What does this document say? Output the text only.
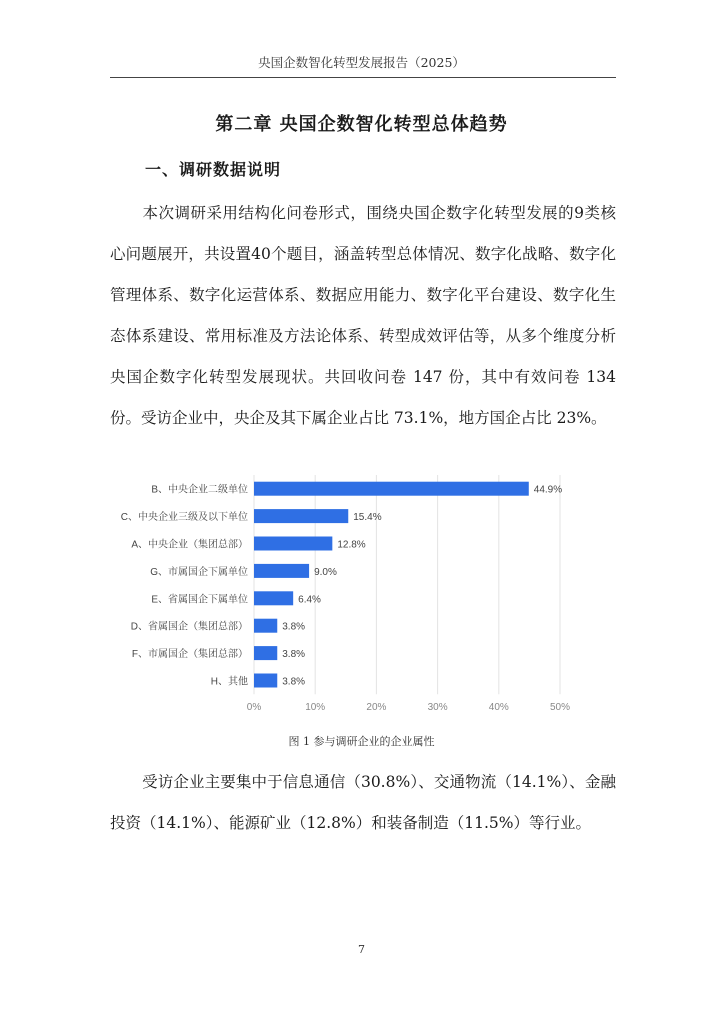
央国企数智化转型发展报告（2025）
第二章 央国企数智化转型总体趋势
一、调研数据说明

本次调研采用结构化问卷形式，围绕央国企数字化转型发展的9类核心问题展开，共设置40个题目，涵盖转型总体情况、数字化战略、数字化管理体系、数字化运营体系、数据应用能力、数字化平台建设、数字化生态体系建设、常用标准及方法论体系、转型成效评估等，从多个维度分析央国企数字化转型发展现状。共回收问卷 147 份，其中有效问卷 134 份。受访企业中，央企及其下属企业占比 73.1%，地方国企占比 23%。

B、中央企业二级单位	44.9%
C、中央企业三级及以下单位	15.4%
A、中央企业（集团总部）	12.8%
G、市属国企下属单位	9.0%
E、省属国企下属单位	6.4%
D、省属国企（集团总部）	3.8%
F、市属国企（集团总部）	3.8%
H、其他	3.8%
0%	10%	20%	30%	40%	50%
图 1 参与调研企业的企业属性

受访企业主要集中于信息通信（30.8%）、交通物流（14.1%）、金融投资（14.1%）、能源矿业（12.8%）和装备制造（11.5%）等行业。

7
